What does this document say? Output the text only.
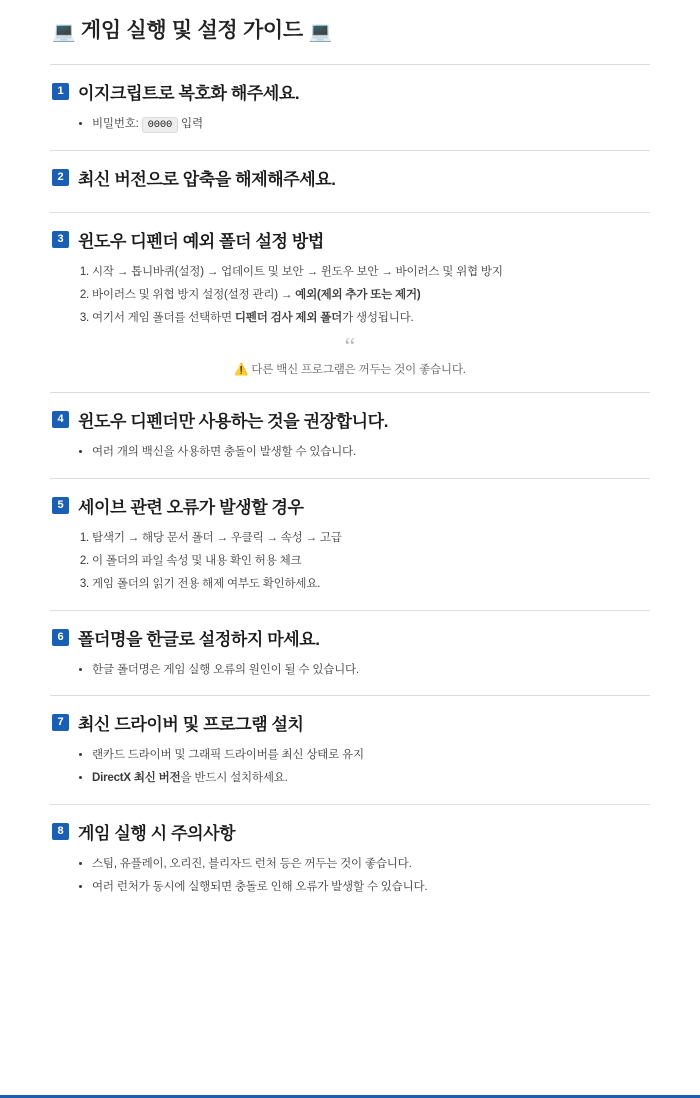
💻 게임 실행 및 설정 가이드 💻
1 이지크립트로 복호화 해주세요.
• 비밀번호: 0000 입력
2 최신 버전으로 압축을 해제해주세요.
3 윈도우 디펜더 예외 폴더 설정 방법
1. 시작 → 톱니바퀴(설정) → 업데이트 및 보안 → 윈도우 보안 → 바이러스 및 위협 방지
2. 바이러스 및 위협 방지 설정(설정 관리) → 예외(제외 추가 또는 제거)
3. 여기서 게임 폴더를 선택하면 디펜더 검사 제외 폴더가 생성됩니다.
“
⚠️ 다른 백신 프로그램은 꺼두는 것이 좋습니다.
4 윈도우 디펜더만 사용하는 것을 권장합니다.
• 여러 개의 백신을 사용하면 충돌이 발생할 수 있습니다.
5 세이브 관련 오류가 발생할 경우
1. 탐색기 → 해당 문서 폴더 → 우클릭 → 속성 → 고급
2. 이 폴더의 파일 속성 및 내용 확인 허용 체크
3. 게임 폴더의 읽기 전용 해제 여부도 확인하세요.
6 폴더명을 한글로 설정하지 마세요.
• 한글 폴더명은 게임 실행 오류의 원인이 될 수 있습니다.
7 최신 드라이버 및 프로그램 설치
• 랜카드 드라이버 및 그래픽 드라이버를 최신 상태로 유지
• DirectX 최신 버전을 반드시 설치하세요.
8 게임 실행 시 주의사항
• 스팀, 유플레이, 오리진, 블리자드 런처 등은 꺼두는 것이 좋습니다.
• 여러 런처가 동시에 실행되면 충돌로 인해 오류가 발생할 수 있습니다.
